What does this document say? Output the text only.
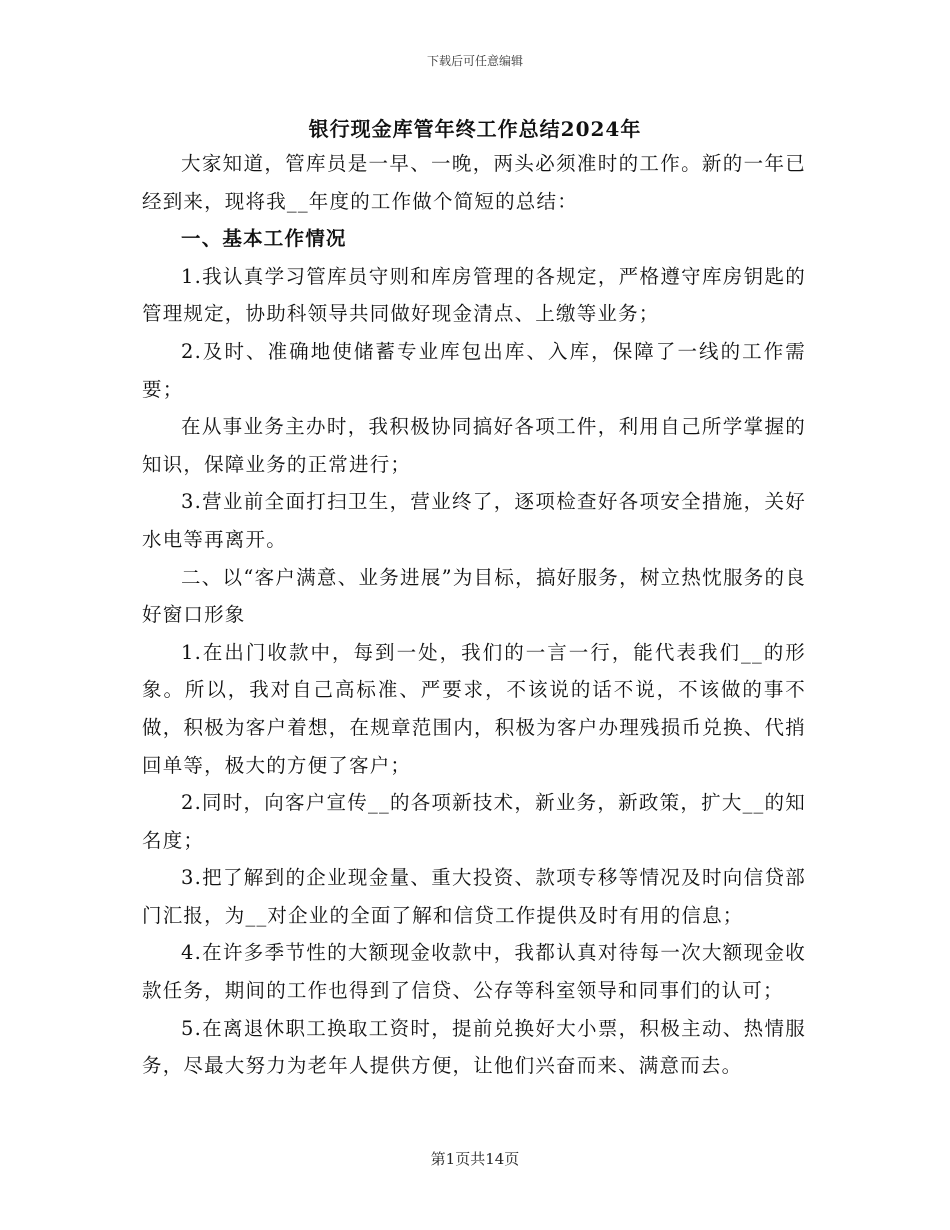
下载后可任意编辑
银行现金库管年终工作总结2024年

大家知道，管库员是一早、一晚，两头必须准时的工作。新的一年已经到来，现将我__年度的工作做个简短的总结：

一、基本工作情况

1.我认真学习管库员守则和库房管理的各规定，严格遵守库房钥匙的管理规定，协助科领导共同做好现金清点、上缴等业务；

2.及时、准确地使储蓄专业库包出库、入库，保障了一线的工作需要；

在从事业务主办时，我积极协同搞好各项工件，利用自己所学掌握的知识，保障业务的正常进行；

3.营业前全面打扫卫生，营业终了，逐项检查好各项安全措施，关好水电等再离开。

二、以“客户满意、业务进展”为目标，搞好服务，树立热忱服务的良好窗口形象

1.在出门收款中，每到一处，我们的一言一行，能代表我们__的形象。所以，我对自己高标准、严要求，不该说的话不说，不该做的事不做，积极为客户着想，在规章范围内，积极为客户办理残损币兑换、代捎回单等，极大的方便了客户；

2.同时，向客户宣传__的各项新技术，新业务，新政策，扩大__的知名度；

3.把了解到的企业现金量、重大投资、款项专移等情况及时向信贷部门汇报，为__对企业的全面了解和信贷工作提供及时有用的信息；

4.在许多季节性的大额现金收款中，我都认真对待每一次大额现金收款任务，期间的工作也得到了信贷、公存等科室领导和同事们的认可；

5.在离退休职工换取工资时，提前兑换好大小票，积极主动、热情服务，尽最大努力为老年人提供方便，让他们兴奋而来、满意而去。

第1页共14页
